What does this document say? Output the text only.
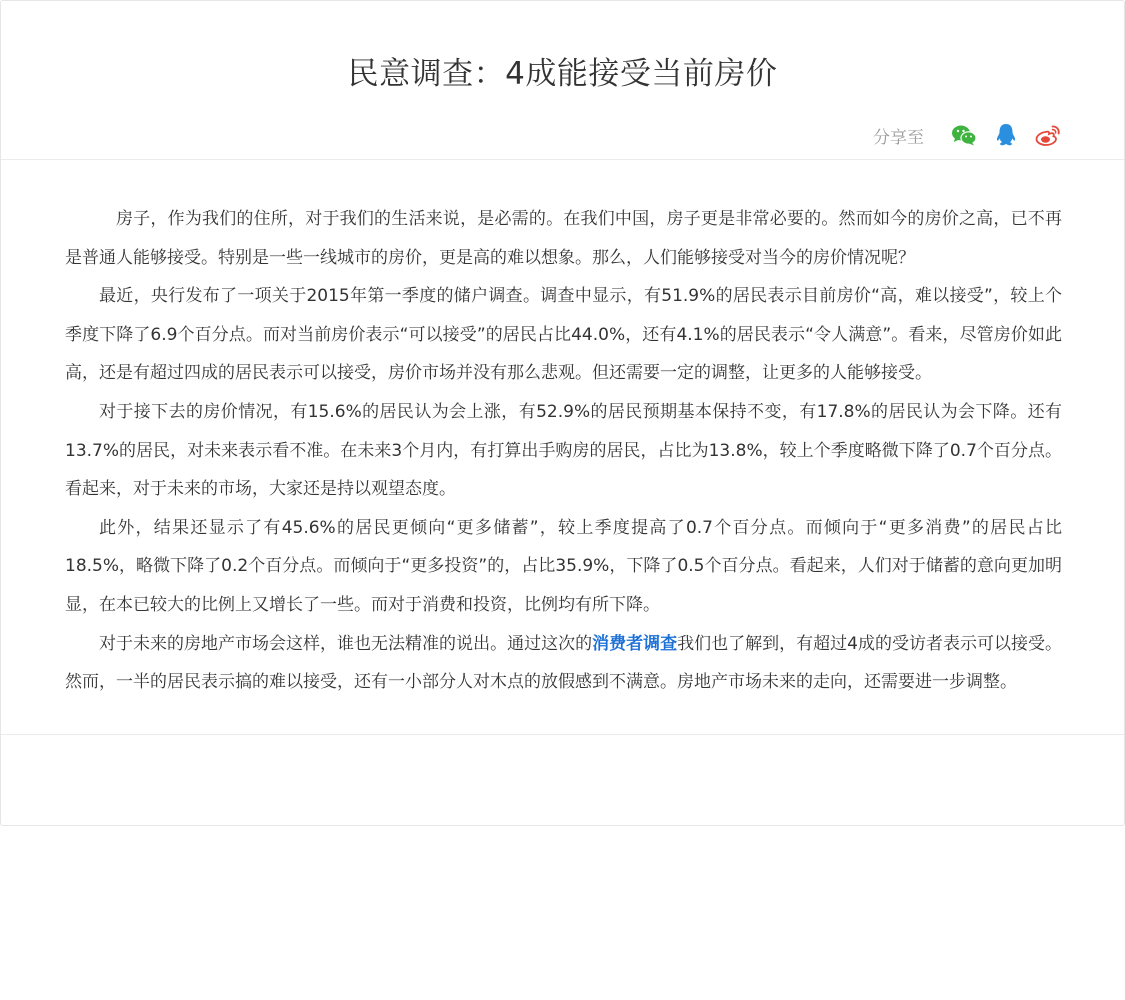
民意调查：4成能接受当前房价
分享至

房子，作为我们的住所，对于我们的生活来说，是必需的。在我们中国，房子更是非常必要的。然而如今的房价之高，已不再是普通人能够接受。特别是一些一线城市的房价，更是高的难以想象。那么，人们能够接受对当今的房价情况呢？

最近，央行发布了一项关于2015年第一季度的储户调查。调查中显示，有51.9%的居民表示目前房价“高，难以接受”，较上个季度下降了6.9个百分点。而对当前房价表示“可以接受”的居民占比44.0%，还有4.1%的居民表示“令人满意”。看来，尽管房价如此高，还是有超过四成的居民表示可以接受，房价市场并没有那么悲观。但还需要一定的调整，让更多的人能够接受。

对于接下去的房价情况，有15.6%的居民认为会上涨，有52.9%的居民预期基本保持不变，有17.8%的居民认为会下降。还有13.7%的居民，对未来表示看不准。在未来3个月内，有打算出手购房的居民，占比为13.8%，较上个季度略微下降了0.7个百分点。看起来，对于未来的市场，大家还是持以观望态度。

此外，结果还显示了有45.6%的居民更倾向“更多储蓄”，较上季度提高了0.7个百分点。而倾向于“更多消费”的居民占比18.5%，略微下降了0.2个百分点。而倾向于“更多投资”的，占比35.9%，下降了0.5个百分点。看起来，人们对于储蓄的意向更加明显，在本已较大的比例上又增长了一些。而对于消费和投资，比例均有所下降。

对于未来的房地产市场会这样，谁也无法精准的说出。通过这次的消费者调查我们也了解到，有超过4成的受访者表示可以接受。然而，一半的居民表示搞的难以接受，还有一小部分人对木点的放假感到不满意。房地产市场未来的走向，还需要进一步调整。
